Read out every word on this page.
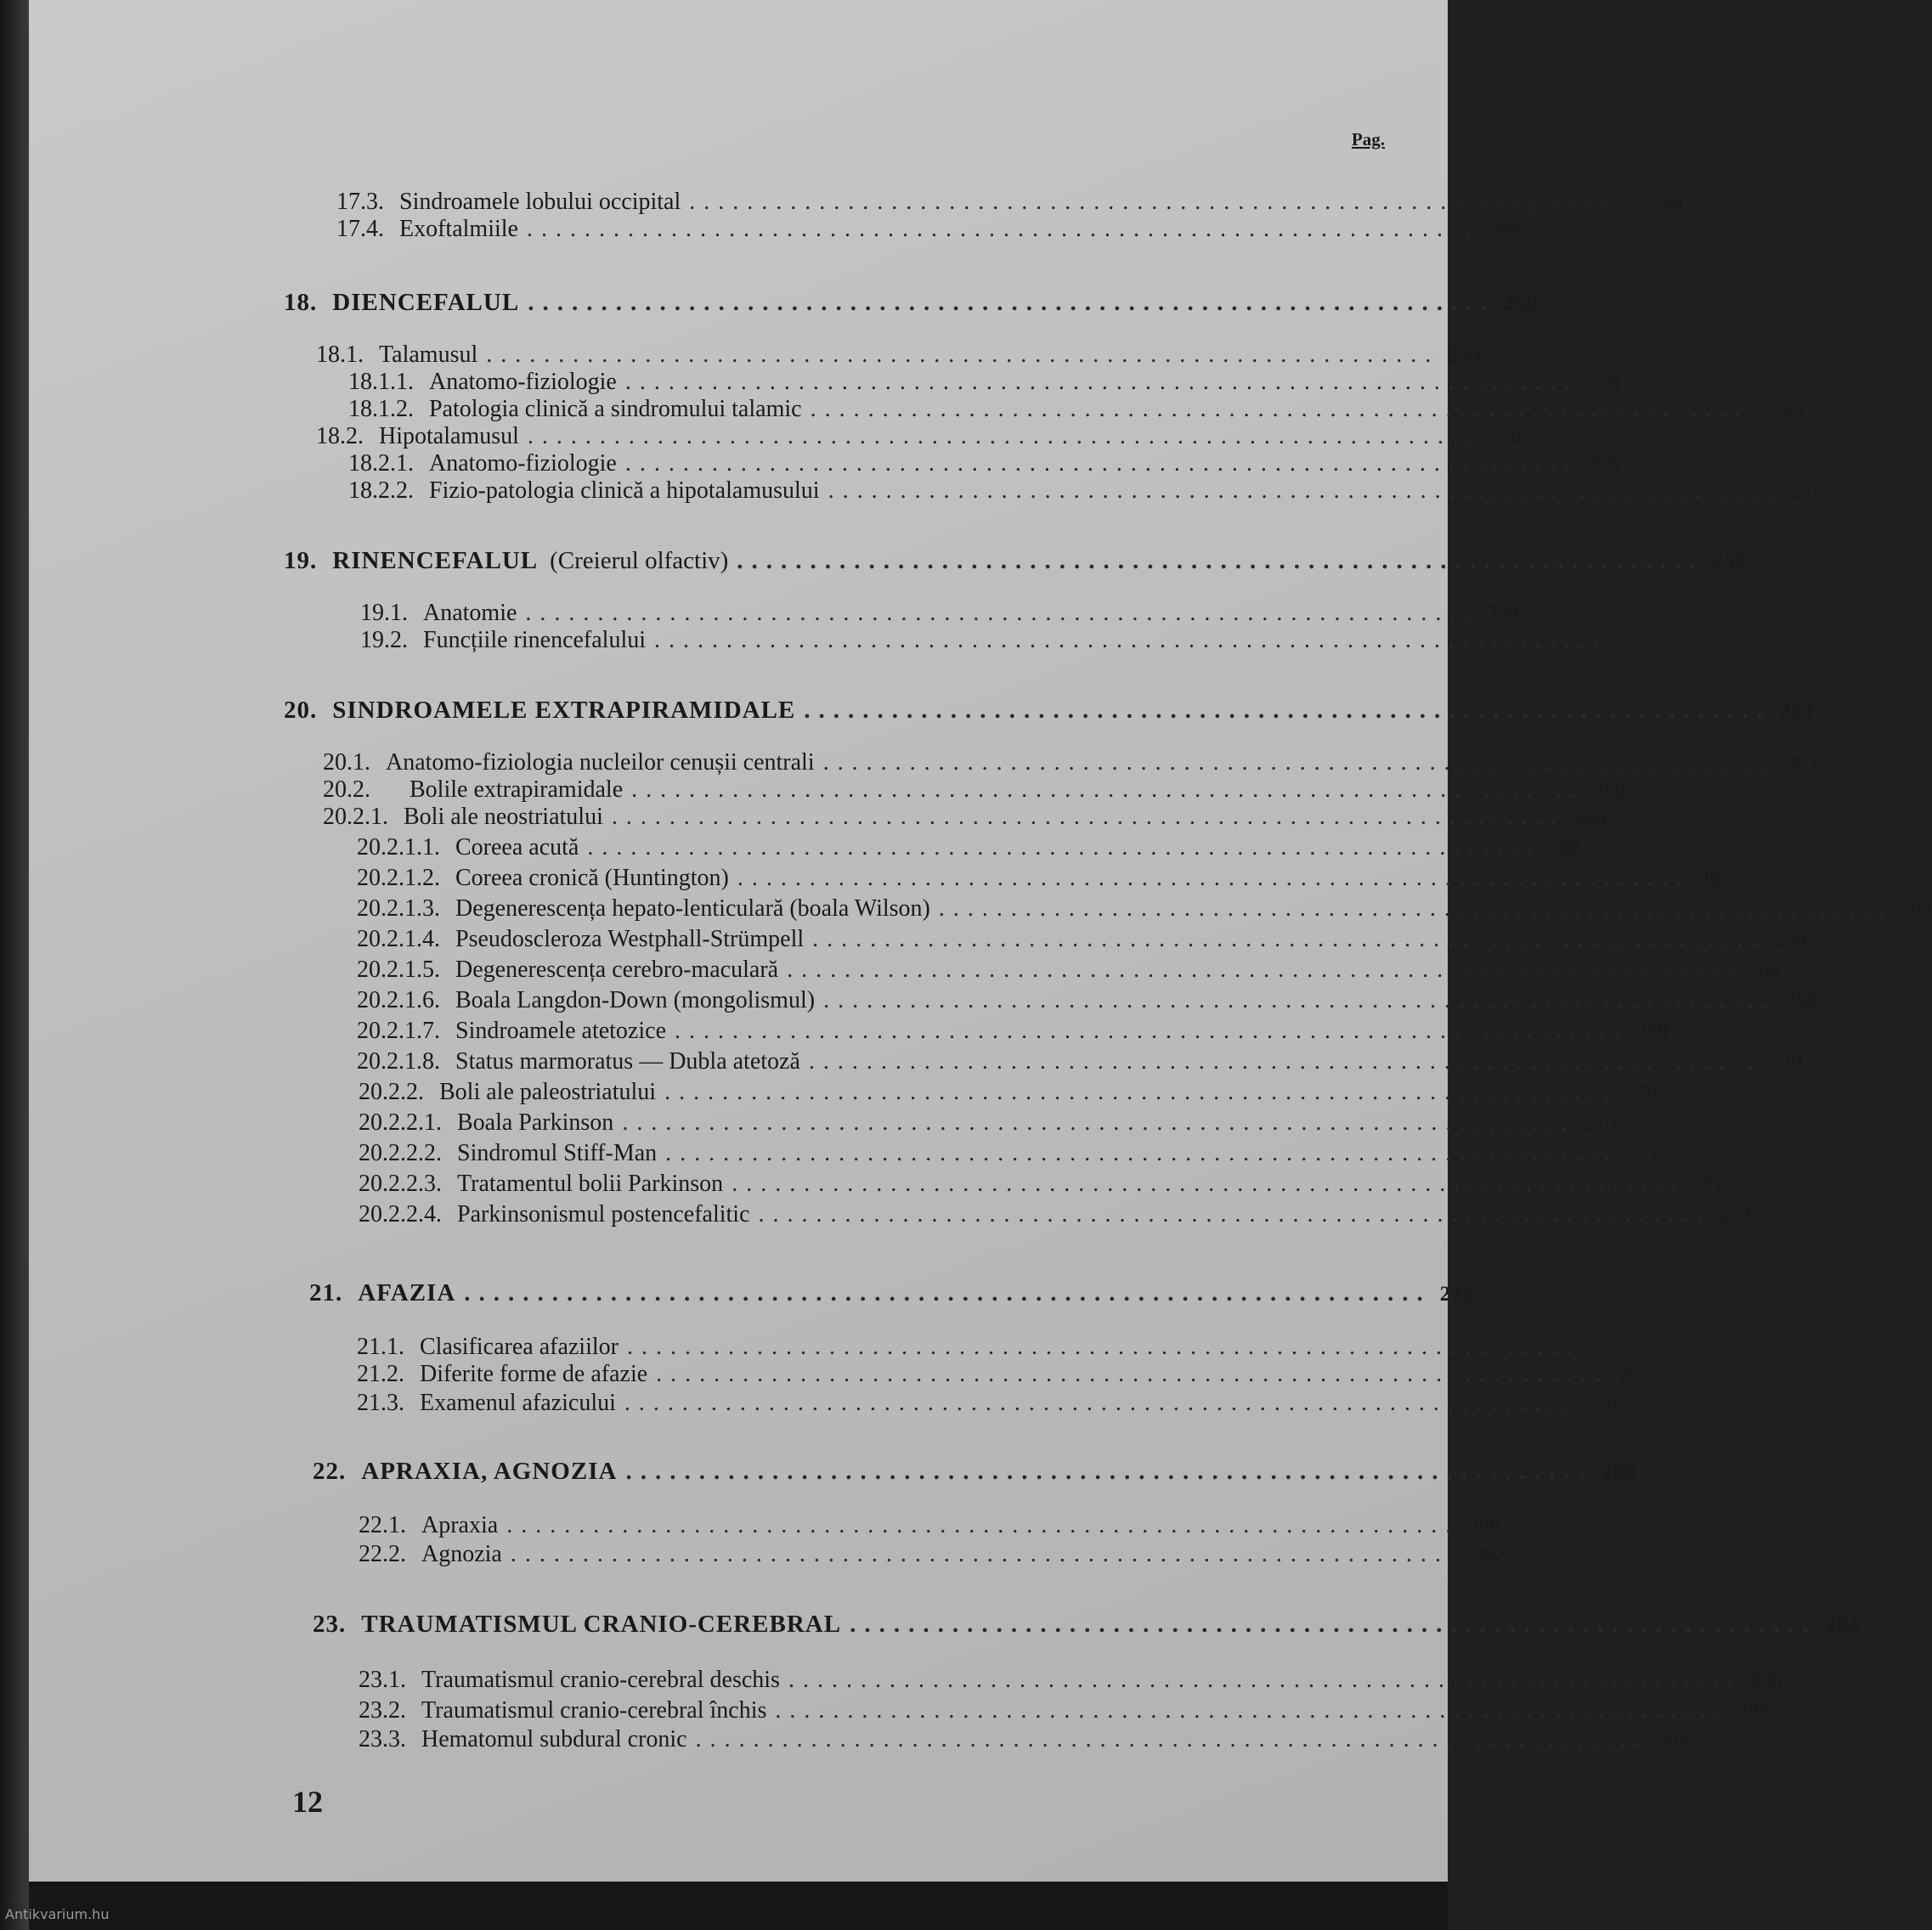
Pag.
17.3. Sindroamele lobului occipital .................................................................. 248
17.4. Exoftalmiile .................................................................. 249
18. DIENCEFALUL .................................................................. 250
18.1. Talamusul .................................................................. 250
18.1.1. Anatomo-fiziologie .................................................................. 250
18.1.2. Patologia clinică a sindromului talamic .................................................................. 254
18.2. Hipotalamusul .................................................................. 256
18.2.1. Anatomo-fiziologie .................................................................. 256
18.2.2. Fizio-patologia clinică a hipotalamusului .................................................................. 257
19. RINENCEFALUL (Creierul olfactiv) .................................................................. 259
19.1. Anatomie .................................................................. 259
19.2. Funcțiile rinencefalului .................................................................. 261
20. SINDROAMELE EXTRAPIRAMIDALE .................................................................. 263
20.1. Anatomo-fiziologia nucleilor cenușii centrali .................................................................. 263
20.2.	Bolile extrapiramidale .................................................................. 266
20.2.1. Boli ale neostriatului .................................................................. 266
20.2.1.1. Coreea acută .................................................................. 266
20.2.1.2. Coreea cronică (Huntington) .................................................................. 267
20.2.1.3. Degenerescența hepato-lenticulară (boala Wilson) .................................................................. 267
20.2.1.4. Pseudoscleroza Westphall-Strümpell .................................................................. 268
20.2.1.5. Degenerescența cerebro-maculară .................................................................. 269
20.2.1.6. Boala Langdon-Down (mongolismul) .................................................................. 269
20.2.1.7. Sindroamele atetozice .................................................................. 269
20.2.1.8. Status marmoratus — Dubla atetoză .................................................................. 270
20.2.2. Boli ale paleostriatului .................................................................. 270
20.2.2.1. Boala Parkinson .................................................................. 270
20.2.2.2. Sindromul Stiff-Man .................................................................. 271
20.2.2.3. Tratamentul bolii Parkinson .................................................................. 272
20.2.2.4. Parkinsonismul postencefalitic .................................................................. 273
21. AFAZIA .................................................................. 275
21.1. Clasificarea afaziilor .................................................................. 275
21.2. Diferite forme de afazie .................................................................. 277
21.3. Examenul afazicului .................................................................. 278
22. APRAXIA, AGNOZIA .................................................................. 280
22.1. Apraxia .................................................................. 280
22.2. Agnozia .................................................................. 282
23. TRAUMATISMUL CRANIO-CEREBRAL .................................................................. 283
23.1. Traumatismul cranio-cerebral deschis .................................................................. 283
23.2. Traumatismul cranio-cerebral închis .................................................................. 283
23.3. Hematomul subdural cronic .................................................................. 284
12
Antikvarium.hu
